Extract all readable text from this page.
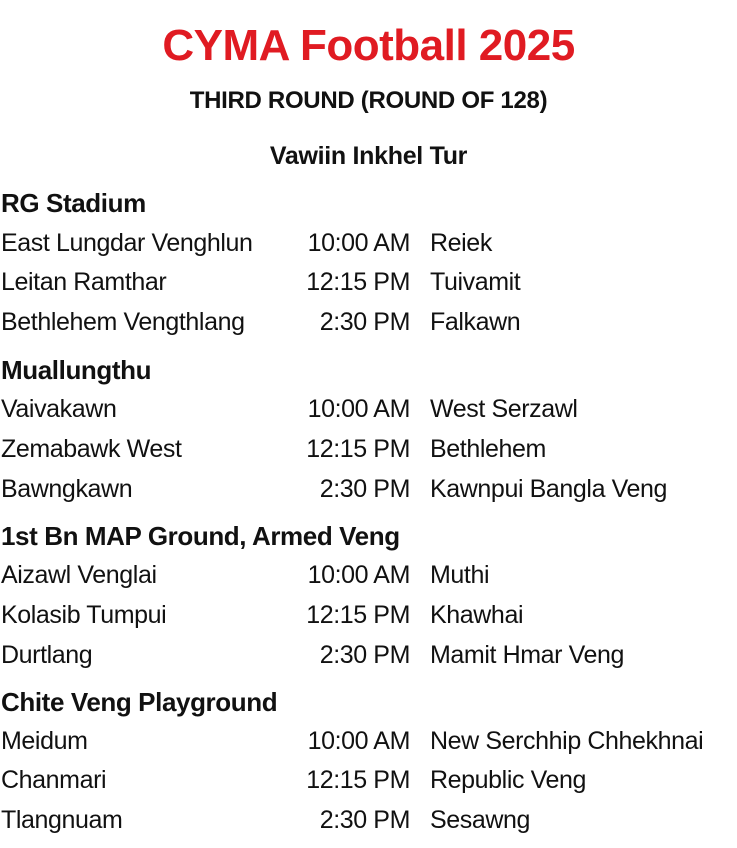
CYMA Football 2025
THIRD ROUND (ROUND OF 128)
Vawiin Inkhel Tur
RG Stadium
East Lungdar Venghlun 10:00 AM Reiek
Leitan Ramthar	12:15 PM Tuivamit
Bethlehem Vengthlang	2:30 PM Falkawn
Muallungthu
Vaivakawn	10:00 AM West Serzawl
Zemabawk West	12:15 PM Bethlehem
Bawngkawn	2:30 PM Kawnpui Bangla Veng
1st Bn MAP Ground, Armed Veng
Aizawl Venglai	10:00 AM Muthi
Kolasib Tumpui	12:15 PM Khawhai
Durtlang	2:30 PM Mamit Hmar Veng
Chite Veng Playground
Meidum	10:00 AM New Serchhip Chhekhnai
Chanmari	12:15 PM Republic Veng
Tlangnuam	2:30 PM Sesawng
